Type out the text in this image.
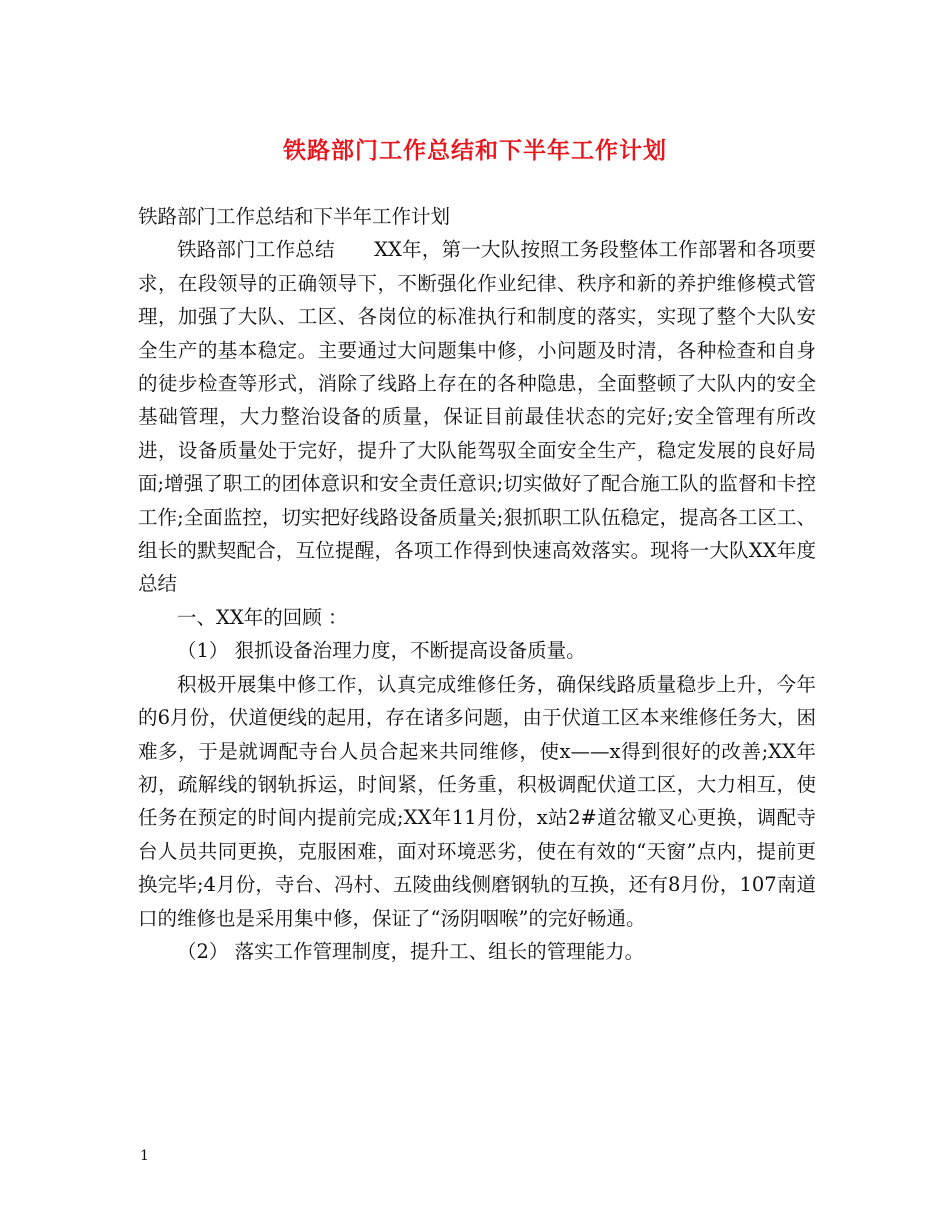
铁路部门工作总结和下半年工作计划

铁路部门工作总结和下半年工作计划

铁路部门工作总结　　XX年，第一大队按照工务段整体工作部署和各项要求，在段领导的正确领导下，不断强化作业纪律、秩序和新的养护维修模式管理，加强了大队、工区、各岗位的标准执行和制度的落实，实现了整个大队安全生产的基本稳定。主要通过大问题集中修，小问题及时清，各种检查和自身的徒步检查等形式，消除了线路上存在的各种隐患，全面整顿了大队内的安全基础管理，大力整治设备的质量，保证目前最佳状态的完好;安全管理有所改进，设备质量处于完好，提升了大队能驾驭全面安全生产，稳定发展的良好局面;增强了职工的团体意识和安全责任意识;切实做好了配合施工队的监督和卡控工作;全面监控，切实把好线路设备质量关;狠抓职工队伍稳定，提高各工区工、组长的默契配合，互位提醒，各项工作得到快速高效落实。现将一大队XX年度总结

一、XX年的回顾 ：

（1） 狠抓设备治理力度，不断提高设备质量。

积极开展集中修工作，认真完成维修任务，确保线路质量稳步上升，今年的6月份，伏道便线的起用，存在诸多问题，由于伏道工区本来维修任务大，困难多，于是就调配寺台人员合起来共同维修，使x——x得到很好的改善;XX年初，疏解线的钢轨拆运，时间紧，任务重，积极调配伏道工区，大力相互，使任务在预定的时间内提前完成;XX年11月份，x站2#道岔辙叉心更换，调配寺台人员共同更换，克服困难，面对环境恶劣，使在有效的“天窗”点内，提前更换完毕;4月份，寺台、冯村、五陵曲线侧磨钢轨的互换，还有8月份，107南道口的维修也是采用集中修，保证了“汤阴咽喉”的完好畅通。

（2） 落实工作管理制度，提升工、组长的管理能力。

1
